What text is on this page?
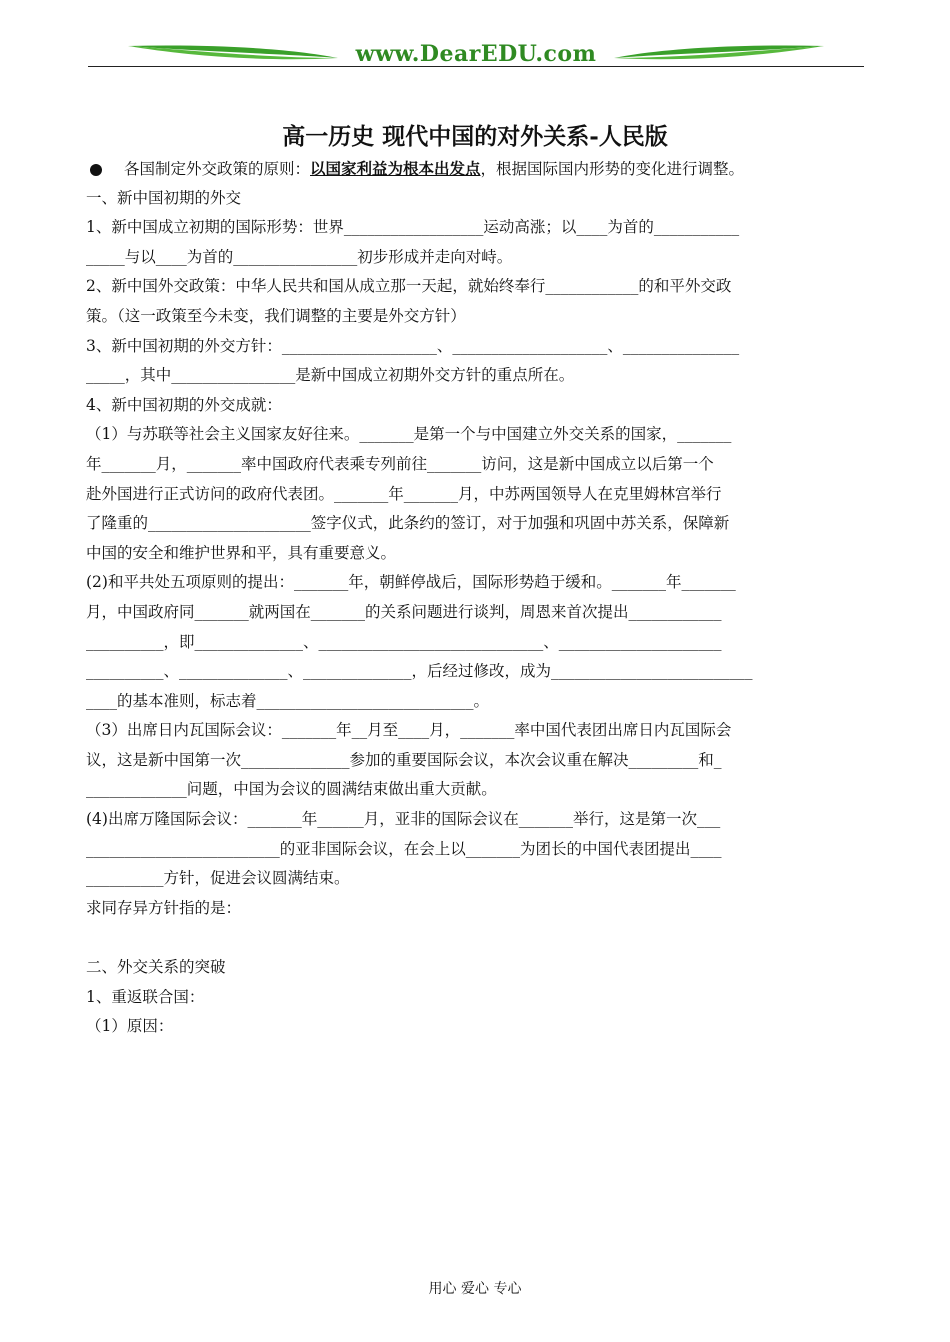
www.DearEDU.com
高一历史 现代中国的对外关系-人民版
各国制定外交政策的原则：以国家利益为根本出发点，根据国际国内形势的变化进行调整。
一、新中国初期的外交
1、新中国成立初期的国际形势：世界__________________运动高涨；以____为首的___________
_____与以____为首的________________初步形成并走向对峙。
2、新中国外交政策：中华人民共和国从成立那一天起，就始终奉行____________的和平外交政
策。（这一政策至今未变，我们调整的主要是外交方针）
3、新中国初期的外交方针：____________________、____________________、_______________
_____，其中________________是新中国成立初期外交方针的重点所在。
4、新中国初期的外交成就：
（1）与苏联等社会主义国家友好往来。_______是第一个与中国建立外交关系的国家，_______
年_______月，_______率中国政府代表乘专列前往_______访问，这是新中国成立以后第一个
赴外国进行正式访问的政府代表团。_______年_______月，中苏两国领导人在克里姆林宫举行
了隆重的_____________________签字仪式，此条约的签订，对于加强和巩固中苏关系，保障新
中国的安全和维护世界和平，具有重要意义。
(2)和平共处五项原则的提出：_______年，朝鲜停战后，国际形势趋于缓和。_______年_______
月，中国政府同_______就两国在_______的关系问题进行谈判，周恩来首次提出____________
__________，即______________、_____________________________、_____________________
__________、______________、______________，后经过修改，成为__________________________
____的基本准则，标志着____________________________。
（3）出席日内瓦国际会议：_______年__月至____月，_______率中国代表团出席日内瓦国际会
议，这是新中国第一次______________参加的重要国际会议，本次会议重在解决_________和_
_____________问题，中国为会议的圆满结束做出重大贡献。
(4)出席万隆国际会议：_______年______月，亚非的国际会议在_______举行，这是第一次___
_________________________的亚非国际会议，在会上以_______为团长的中国代表团提出____
__________方针，促进会议圆满结束。
求同存异方针指的是：
二、外交关系的突破
1、重返联合国：
（1）原因：
用心 爱心 专心
